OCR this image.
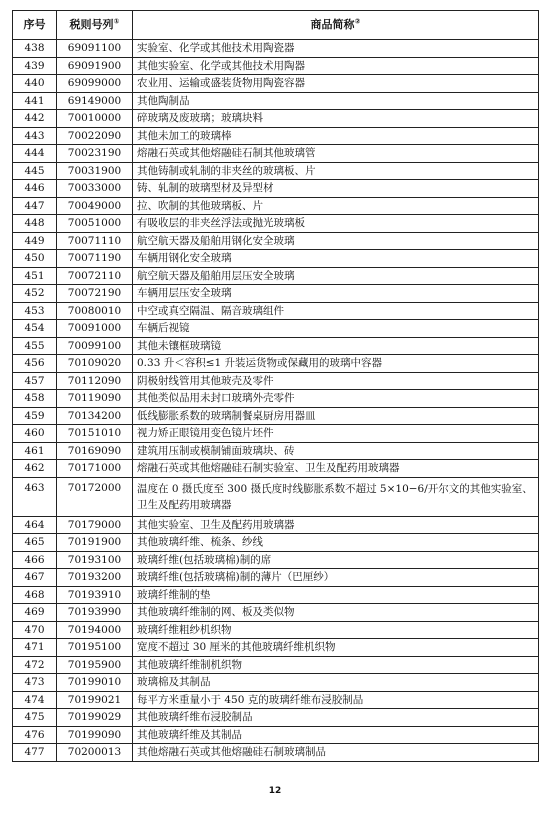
序号	税则号列①	商品简称②
438	69091100	实验室、化学或其他技术用陶瓷器
439	69091900	其他实验室、化学或其他技术用陶器
440	69099000	农业用、运输或盛装货物用陶瓷容器
441	69149000	其他陶制品
442	70010000	碎玻璃及废玻璃；玻璃块料
443	70022090	其他未加工的玻璃棒
444	70023190	熔融石英或其他熔融硅石制其他玻璃管
445	70031900	其他铸制或轧制的非夹丝的玻璃板、片
446	70033000	铸、轧制的玻璃型材及异型材
447	70049000	拉、吹制的其他玻璃板、片
448	70051000	有吸收层的非夹丝浮法或抛光玻璃板
449	70071110	航空航天器及船舶用钢化安全玻璃
450	70071190	车辆用钢化安全玻璃
451	70072110	航空航天器及船舶用层压安全玻璃
452	70072190	车辆用层压安全玻璃
453	70080010	中空或真空隔温、隔音玻璃组件
454	70091000	车辆后视镜
455	70099100	其他未镶框玻璃镜
456	70109020	0.33 升＜容积≤1 升装运货物或保藏用的玻璃中容器
457	70112090	阴极射线管用其他玻壳及零件
458	70119090	其他类似品用未封口玻璃外壳零件
459	70134200	低线膨胀系数的玻璃制餐桌厨房用器皿
460	70151010	视力矫正眼镜用变色镜片坯件
461	70169090	建筑用压制或模制铺面玻璃块、砖
462	70171000	熔融石英或其他熔融硅石制实验室、卫生及配药用玻璃器
463	70172000	温度在 0 摄氏度至 300 摄氏度时线膨胀系数不超过 5×10−6/开尔文的其他实验室、卫生及配药用玻璃器
464	70179000	其他实验室、卫生及配药用玻璃器
465	70191900	其他玻璃纤维、梳条、纱线
466	70193100	玻璃纤维(包括玻璃棉)制的席
467	70193200	玻璃纤维(包括玻璃棉)制的薄片（巴厘纱）
468	70193910	玻璃纤维制的垫
469	70193990	其他玻璃纤维制的网、板及类似物
470	70194000	玻璃纤维粗纱机织物
471	70195100	宽度不超过 30 厘米的其他玻璃纤维机织物
472	70195900	其他玻璃纤维制机织物
473	70199010	玻璃棉及其制品
474	70199021	每平方米重量小于 450 克的玻璃纤维布浸胶制品
475	70199029	其他玻璃纤维布浸胶制品
476	70199090	其他玻璃纤维及其制品
477	70200013	其他熔融石英或其他熔融硅石制玻璃制品
12
